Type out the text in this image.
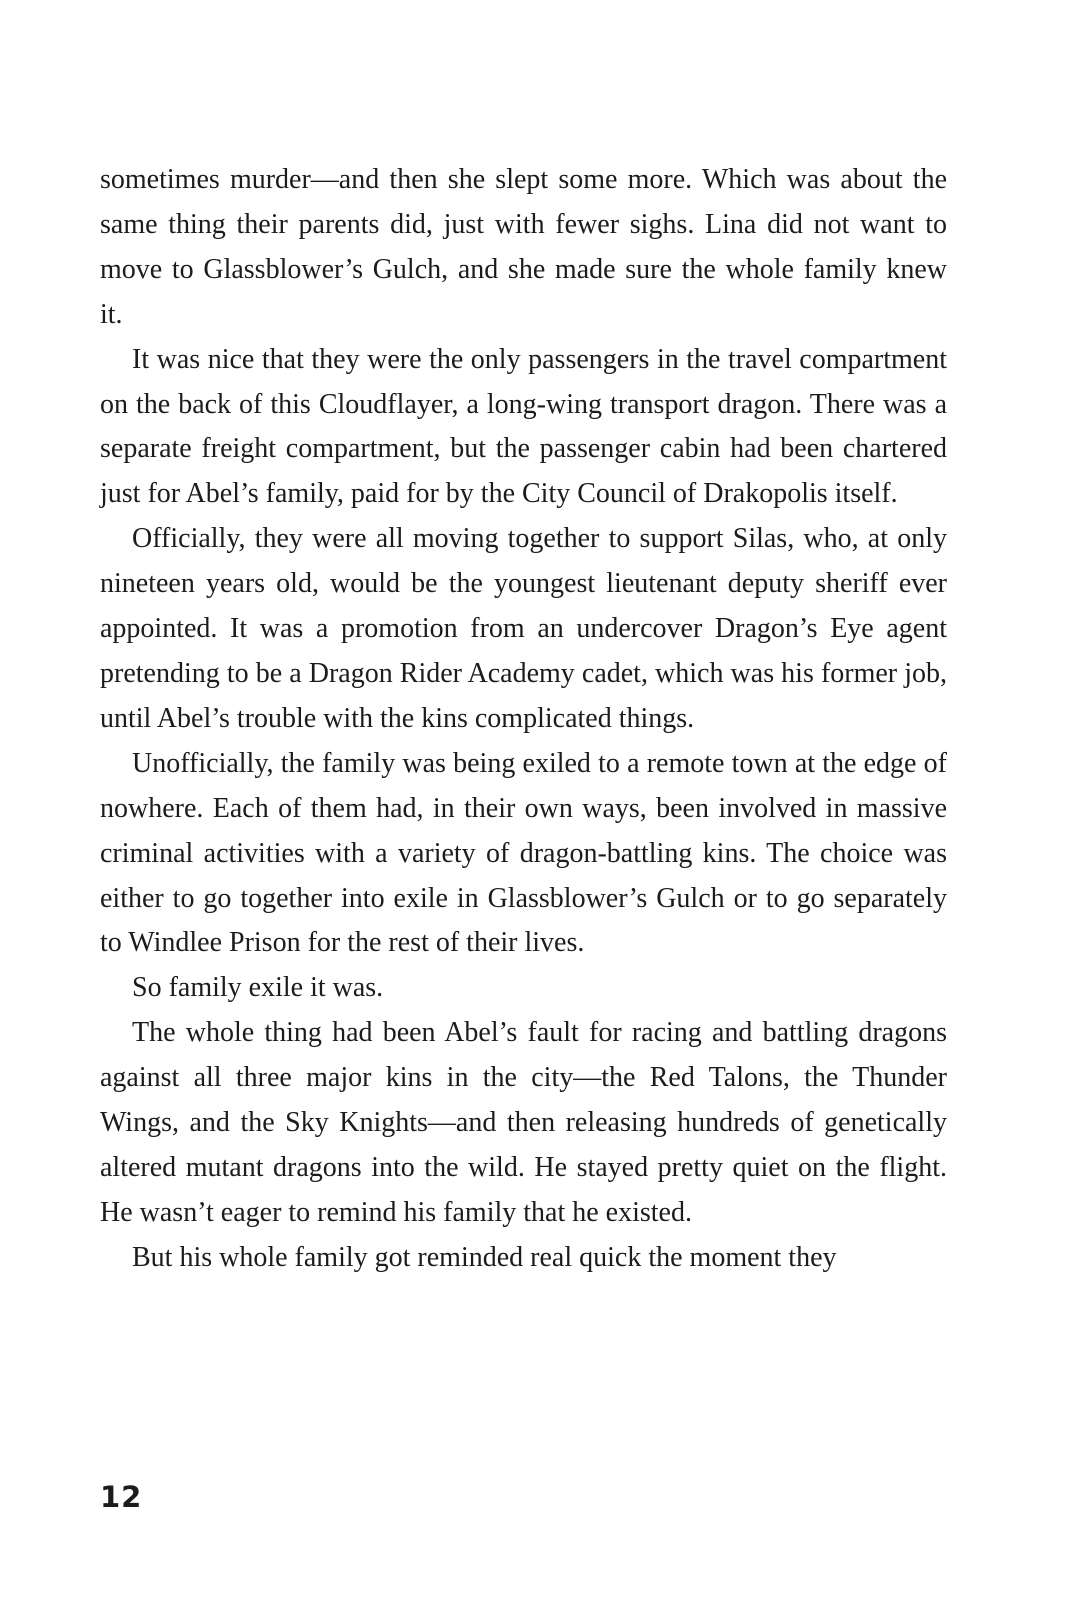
sometimes murder—and then she slept some more. Which was about the same thing their parents did, just with fewer sighs. Lina did not want to move to Glassblower’s Gulch, and she made sure the whole family knew it.

It was nice that they were the only passengers in the travel compartment on the back of this Cloudflayer, a long-wing transport dragon. There was a separate freight compartment, but the passenger cabin had been chartered just for Abel’s family, paid for by the City Council of Drakopolis itself.

Officially, they were all moving together to support Silas, who, at only nineteen years old, would be the youngest lieutenant deputy sheriff ever appointed. It was a promotion from an undercover Dragon’s Eye agent pretending to be a Dragon Rider Academy cadet, which was his former job, until Abel’s trouble with the kins complicated things.

Unofficially, the family was being exiled to a remote town at the edge of nowhere. Each of them had, in their own ways, been involved in massive criminal activities with a variety of dragon-battling kins. The choice was either to go together into exile in Glassblower’s Gulch or to go separately to Windlee Prison for the rest of their lives.

So family exile it was.

The whole thing had been Abel’s fault for racing and battling dragons against all three major kins in the city—the Red Talons, the Thunder Wings, and the Sky Knights—and then releasing hundreds of genetically altered mutant dragons into the wild. He stayed pretty quiet on the flight. He wasn’t eager to remind his family that he existed.

But his whole family got reminded real quick the moment they

12
